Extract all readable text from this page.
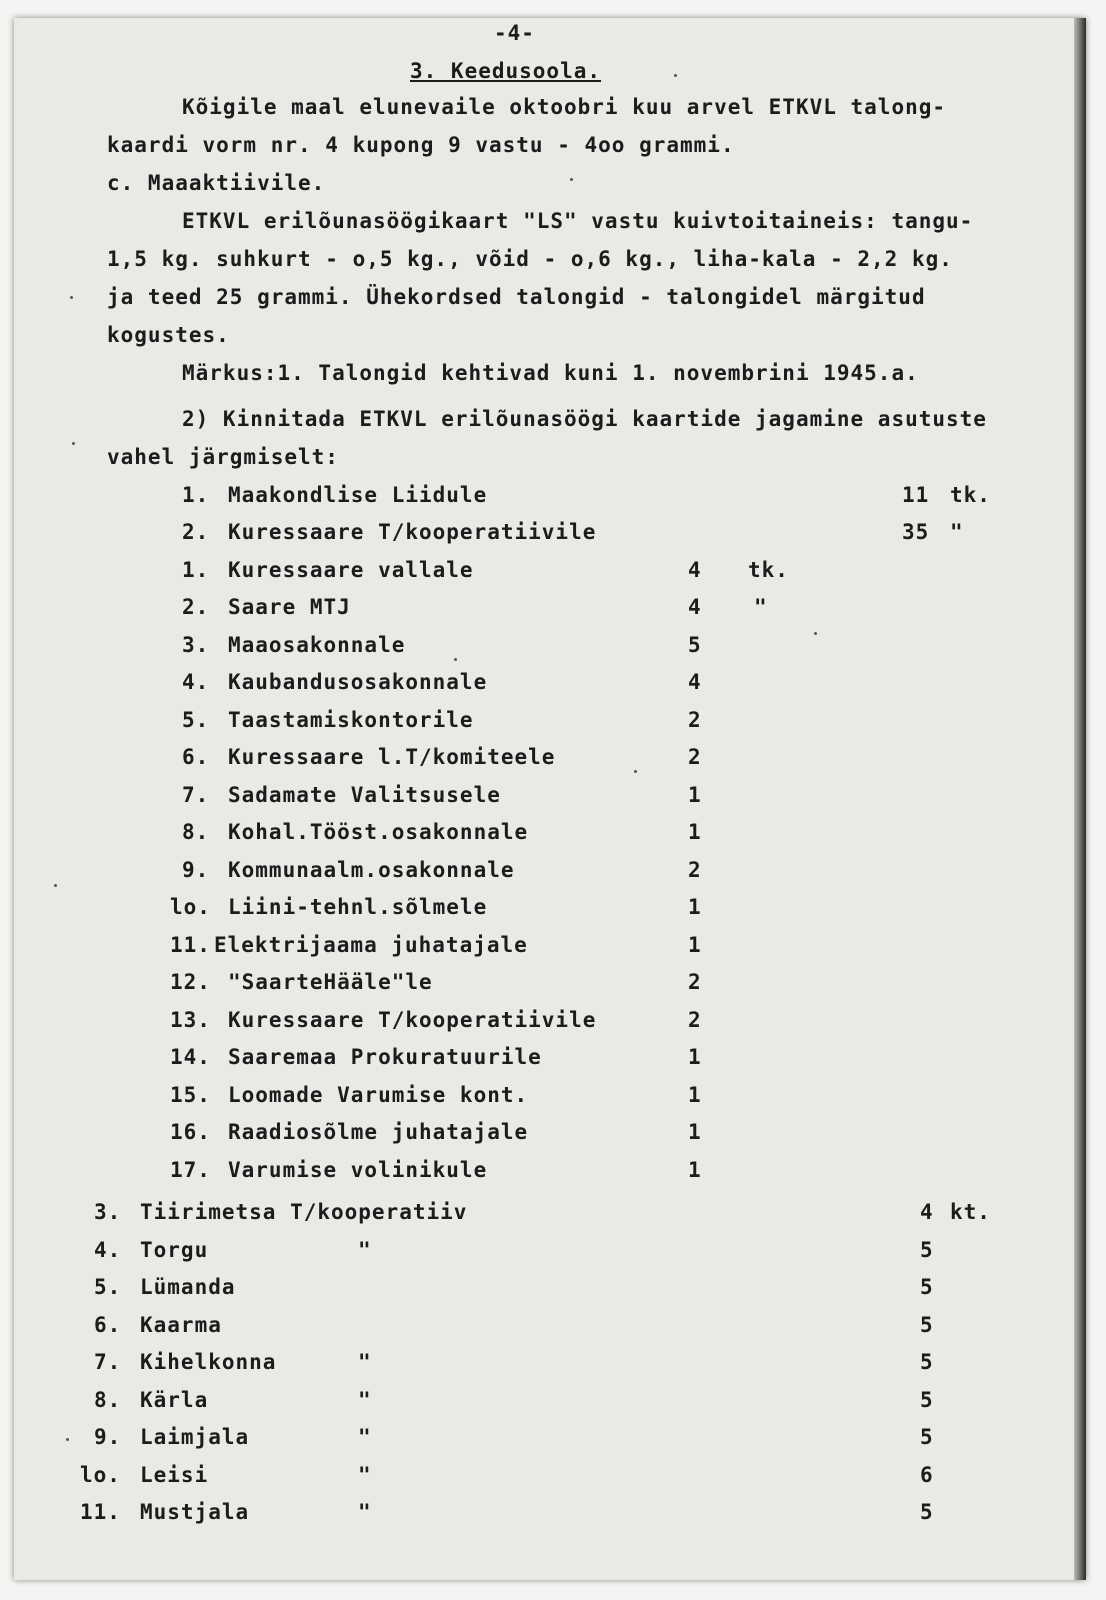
-4-
3. Keedusoola.
Kõigile maal elunevaile oktoobri kuu arvel ETKVL talong-
kaardi vorm nr. 4 kupong 9 vastu - 4oo grammi.
c. Maaaktiivile.
ETKVL erilõunasöögikaart "LS" vastu kuivtoitaineis: tangu-
1,5 kg. suhkurt - o,5 kg., võid - o,6 kg., liha-kala - 2,2 kg.
ja teed 25 grammi. Ühekordsed talongid - talongidel märgitud
kogustes.
Märkus:1. Talongid kehtivad kuni 1. novembrini 1945.a.
2) Kinnitada ETKVL erilõunasöögi kaartide jagamine asutuste
vahel järgmiselt:
1. Maakondlise Liidule	11 tk.
2. Kuressaare T/kooperatiivile	35 "
1. Kuressaare vallale	4 tk.
2. Saare MTJ	4 "
3. Maaosakonnale	5
4. Kaubandusosakonnale	4
5. Taastamiskontorile	2
6. Kuressaare l.T/komiteele	2
7. Sadamate Valitsusele	1
8. Kohal.Tööst.osakonnale	1
9. Kommunaalm.osakonnale	2
lo. Liini-tehnl.sõlmele	1
11. Elektrijaama juhatajale	1
12. "SaarteHääle"le	2
13. Kuressaare T/kooperatiivile	2
14. Saaremaa Prokuratuurile	1
15. Loomade Varumise kont.	1
16. Raadiosõlme juhatajale	1
17. Varumise volinikule	1
3. Tiirimetsa T/kooperatiiv	4 kt.
4. Torgu	"	5
5. Lümanda	5
6. Kaarma	5
7. Kihelkonna	"	5
8. Kärla	"	5
9. Laimjala	"	5
lo. Leisi	"	6
11. Mustjala	"	5
